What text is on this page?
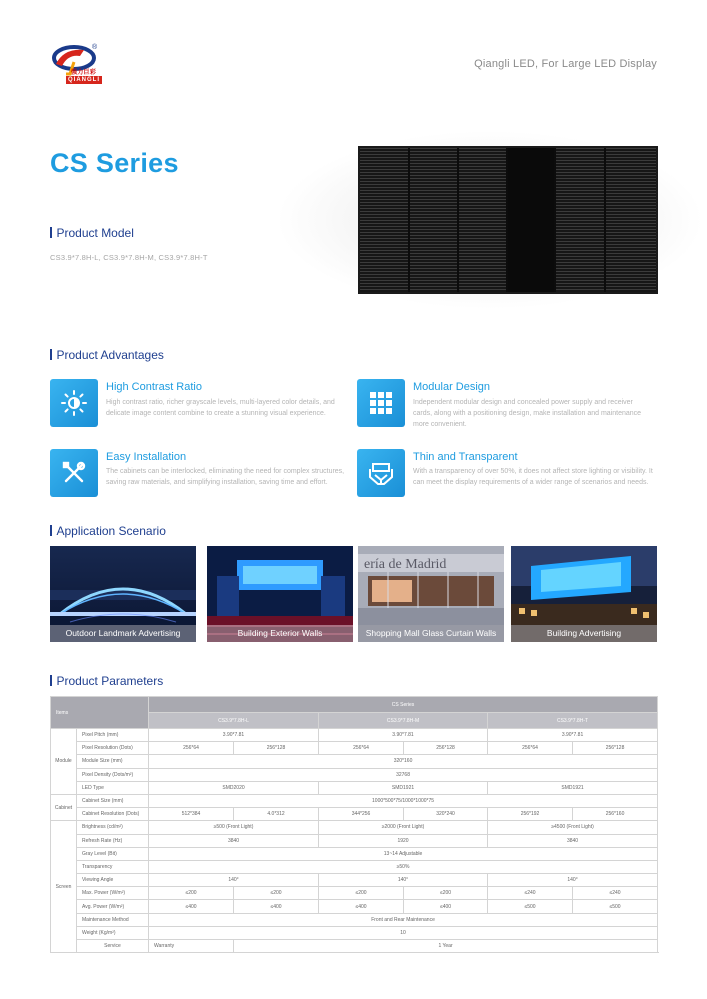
®
强力巨彩
QIANGLI
Qiangli LED, For Large LED Display
CS Series
Product Model
CS3.9*7.8H-L, CS3.9*7.8H-M, CS3.9*7.8H-T
Product Advantages
High Contrast Ratio
High contrast ratio, richer grayscale levels, multi-layered color details, and delicate image content combine to create a stunning visual experience.
Modular Design
Independent modular design and concealed power supply and receiver cards, along with a positioning design, make installation and maintenance more convenient.
Easy Installation
The cabinets can be interlocked, eliminating the need for complex structures, saving raw materials, and simplifying installation, saving time and effort.
Thin and Transparent
With a transparency of over 50%, it does not affect store lighting or visibility. It can meet the display requirements of a wider range of scenarios and needs.
Application Scenario
Outdoor Landmark Advertising	Building Exterior Walls
ería de Madrid
Shopping Mall Glass Curtain Walls	Building Advertising
Product Parameters
Items		CS Series					
		CS3.9*7.8H-L		CS3.9*7.8H-M		CS3.9*7.8H-T	
Module	Pixel Pitch (mm)	3.90*7.81		3.90*7.81		3.90*7.81	
	Pixel Resolution (Dots)	256*64	256*128	256*64	256*128	256*64	256*128
	Module Size (mm)	320*160					
	Pixel Density (Dots/m²)	32768					
	LED Type	SMD2020		SMD1921		SMD1921	
Cabinet	Cabinet Size (mm)	1000*500*75/1000*1000*75					
	Cabinet Resolution (Dots)	512*384	4.0*312	344*256	320*240	256*192	256*160
Screen	Brightness (cd/m²)	≥500 (Front Light)		≥2000 (Front Light)		≥4500 (Front Light)	
	Refresh Rate (Hz)	3840		1920		3840	
	Gray Level (Bit)	13~14 Adjustable					
	Transparency	≥50%					
	Viewing Angle	140°		140°		140°	
	Max. Power (W/m²)	≤200	≤200	≤200	≤200	≤240	≤240
	Avg. Power (W/m²)	≤400	≤400	≤400	≤400	≤500	≤500
	Maintenance Method	Front and Rear Maintenance					
	Weight (Kg/m²)	10					
	Service	Warranty	1 Year				
